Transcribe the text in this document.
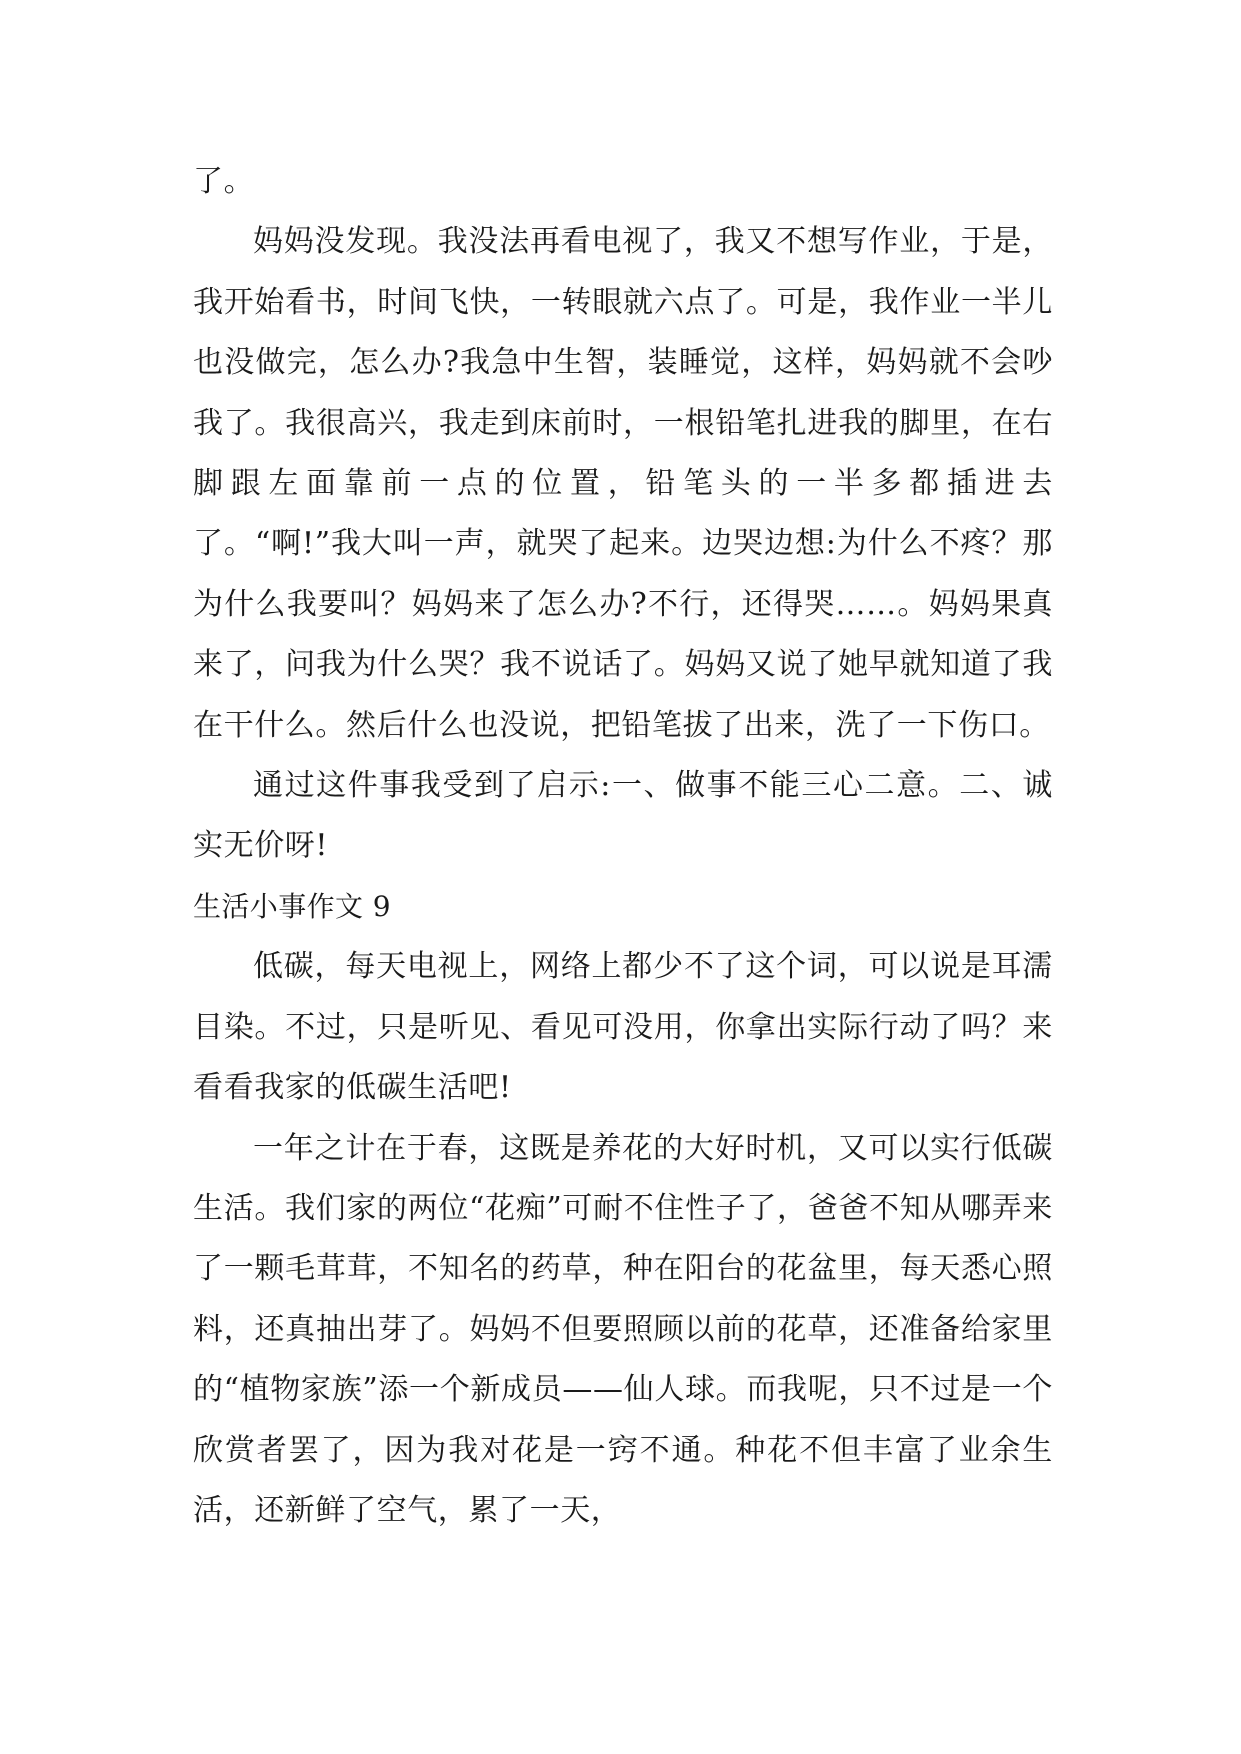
了。

妈妈没发现。我没法再看电视了，我又不想写作业，于是，我开始看书，时间飞快，一转眼就六点了。可是，我作业一半儿也没做完，怎么办?我急中生智，装睡觉，这样，妈妈就不会吵我了。我很高兴，我走到床前时，一根铅笔扎进我的脚里，在右脚跟左面靠前一点的位置，铅笔头的一半多都插进去了。“啊!”我大叫一声，就哭了起来。边哭边想:为什么不疼？那为什么我要叫？妈妈来了怎么办?不行，还得哭……。妈妈果真来了，问我为什么哭？我不说话了。妈妈又说了她早就知道了我在干什么。然后什么也没说，把铅笔拔了出来，洗了一下伤口。

通过这件事我受到了启示:一、做事不能三心二意。二、诚实无价呀!

生活小事作文 9

低碳，每天电视上，网络上都少不了这个词，可以说是耳濡目染。不过，只是听见、看见可没用，你拿出实际行动了吗？来看看我家的低碳生活吧!

一年之计在于春，这既是养花的大好时机，又可以实行低碳生活。我们家的两位“花痴”可耐不住性子了，爸爸不知从哪弄来了一颗毛茸茸，不知名的药草，种在阳台的花盆里，每天悉心照料，还真抽出芽了。妈妈不但要照顾以前的花草，还准备给家里的“植物家族”添一个新成员——仙人球。而我呢，只不过是一个欣赏者罢了，因为我对花是一窍不通。种花不但丰富了业余生活，还新鲜了空气，累了一天，
